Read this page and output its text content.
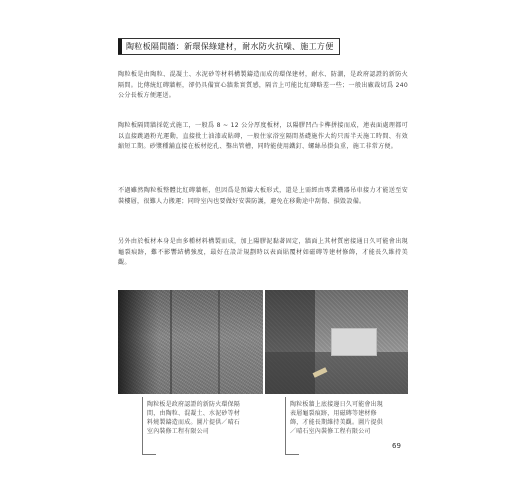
陶粒板隔間牆：新環保綠建材，耐水防火抗噪、施工方便

陶粒板是由陶粒、混凝土、水泥砂等材料構製鑄造而成的環保建材，耐水、防潮，是政府認證的新防火隔間。比傳統紅磚牆輕，卻仍具備實心牆紮實質感，隔音上可能比紅磚略差一些；一般出廠裁切爲 240 公分長板方便運送。

陶粒板隔間牆採乾式施工，一般爲 8 ~ 12 公分厚度板材，以陽膠凹凸卡榫拼接而成，連表面處理都可以直接跳過粉光運動，直接批土油漆或貼磚，一般住家浴室隔間基礎施作大約只需半天施工時間、有效縮短工期。砂漿種舖直接在板材挖孔、鑿出管槽，同時能使用鐵釘、螺絲吊掛負重，施工非常方便。

不過雖然陶粒板整體比紅磚牆輕，但因爲是預鑄大板形式，還是上需經由專業機器吊車接力才能送至安裝樓層，很難人力搬運；同時室內也要做好安裝防護，避免在移動途中刮傷、損毀設備。

另外由於板材本身是由多種材料構製而成，加上陽膠泥黏著固定，牆面上其材質密接通日久可能會出現龜裂痕跡，難不影響結構強度，最好在設計規劃時以表面貼覆材如磁磚等建材修飾，才能長久維持美觀。

陶粒板是政府認證的新防火環保隔間，由陶粒、混凝土、水泥砂等材料燒製鑄造而成。圖片提供／晴石室內裝修工程有限公司

陶粒板牆上底接邊日久可能會出現表層龜裂痕跡，用磁磚等建材修飾，才能長期維持美觀。圖片提供／晴石室內裝修工程有限公司

69
